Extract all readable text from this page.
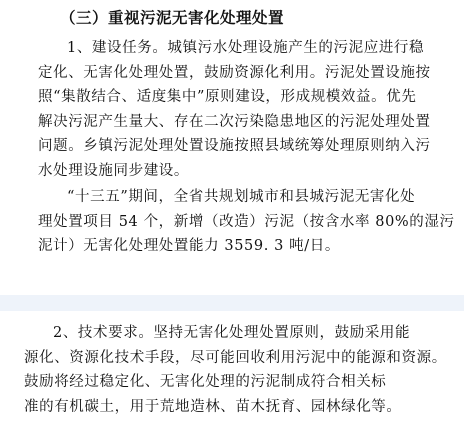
（三）重视污泥无害化处理处置

1、建设任务。城镇污水处理设施产生的污泥应进行稳
定化、无害化处理处置，鼓励资源化利用。污泥处置设施按
照“集散结合、适度集中”原则建设，形成规模效益。优先
解决污泥产生量大、存在二次污染隐患地区的污泥处理处置
问题。乡镇污泥处理处置设施按照县域统筹处理原则纳入污
水处理设施同步建设。

“十三五”期间，全省共规划城市和县城污泥无害化处
理处置项目 54 个，新增（改造）污泥（按含水率 80%的湿污
泥计）无害化处理处置能力 3559. 3 吨/日。

2、技术要求。坚持无害化处理处置原则，鼓励采用能
源化、资源化技术手段，尽可能回收利用污泥中的能源和资源。
鼓励将经过稳定化、无害化处理的污泥制成符合相关标
准的有机碳土，用于荒地造林、苗木抚育、园林绿化等。
